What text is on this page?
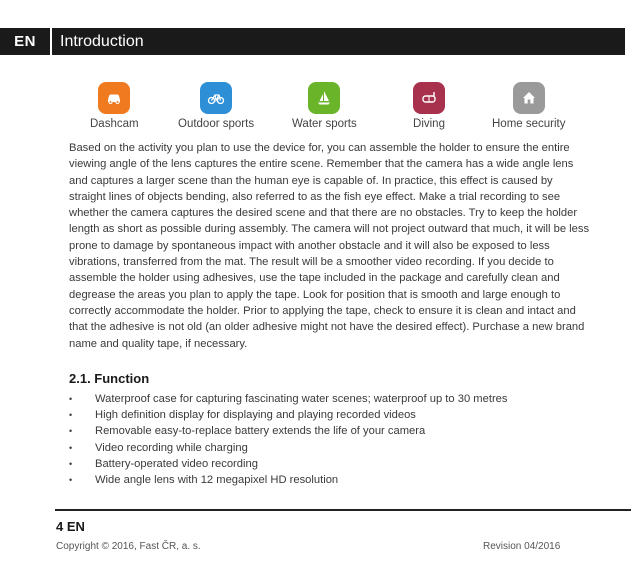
EN	Introduction
Dashcam	Outdoor sports	Water sports	Diving	Home security

Based on the activity you plan to use the device for, you can assemble the holder to ensure the entire viewing angle of the lens captures the entire scene. Remember that the camera has a wide angle lens and captures a larger scene than the human eye is capable of. In practice, this effect is caused by straight lines of objects bending, also referred to as the fish eye effect. Make a trial recording to see whether the camera captures the desired scene and that there are no obstacles. Try to keep the holder length as short as possible during assembly. The camera will not project outward that much, it will be less prone to damage by spontaneous impact with another obstacle and it will also be exposed to less vibrations, transferred from the mat. The result will be a smoother video recording. If you decide to assemble the holder using adhesives, use the tape included in the package and carefully clean and degrease the areas you plan to apply the tape. Look for position that is smooth and large enough to correctly accommodate the holder. Prior to applying the tape, check to ensure it is clean and intact and that the adhesive is not old (an older adhesive might not have the desired effect). Purchase a new brand name and quality tape, if necessary.

2.1. Function
•	Waterproof case for capturing fascinating water scenes; waterproof up to 30 metres
•	High definition display for displaying and playing recorded videos
•	Removable easy-to-replace battery extends the life of your camera
•	Video recording while charging
•	Battery-operated video recording
•	Wide angle lens with 12 megapixel HD resolution
4 EN
Copyright © 2016, Fast ČR, a. s.	Revision 04/2016
